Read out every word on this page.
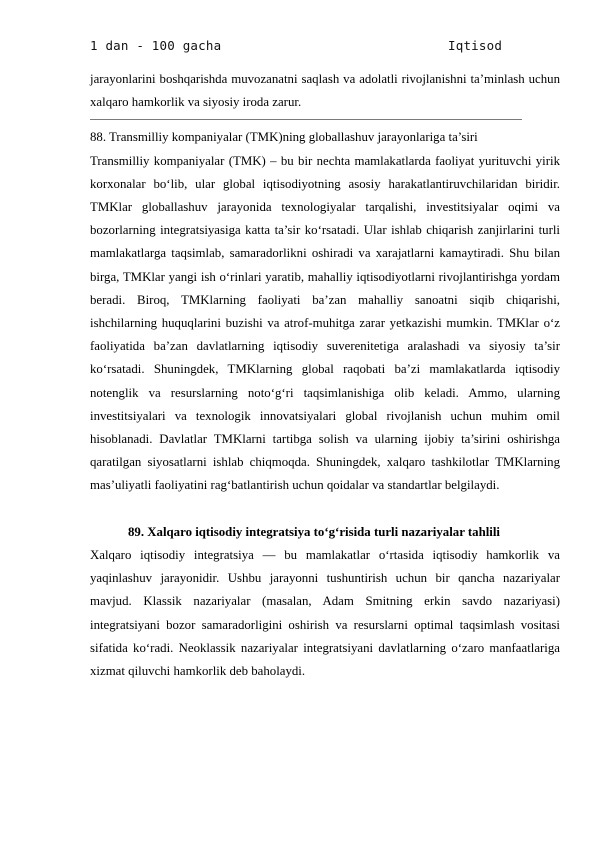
1 dan - 100 gacha	Iqtisod

jarayonlarini boshqarishda muvozanatni saqlash va adolatli rivojlanishni ta’minlash uchun xalqaro hamkorlik va siyosiy iroda zarur.

88. Transmilliy kompaniyalar (TMK)ning globallashuv jarayonlariga ta’siri

Transmilliy kompaniyalar (TMK) – bu bir nechta mamlakatlarda faoliyat yurituvchi yirik korxonalar bo‘lib, ular global iqtisodiyotning asosiy harakatlantiruvchilaridan biridir. TMKlar globallashuv jarayonida texnologiyalar tarqalishi, investitsiyalar oqimi va bozorlarning integratsiyasiga katta ta’sir ko‘rsatadi. Ular ishlab chiqarish zanjirlarini turli mamlakatlarga taqsimlab, samaradorlikni oshiradi va xarajatlarni kamaytiradi. Shu bilan birga, TMKlar yangi ish o‘rinlari yaratib, mahalliy iqtisodiyotlarni rivojlantirishga yordam beradi. Biroq, TMKlarning faoliyati ba’zan mahalliy sanoatni siqib chiqarishi, ishchilarning huquqlarini buzishi va atrof-muhitga zarar yetkazishi mumkin. TMKlar o‘z faoliyatida ba’zan davlatlarning iqtisodiy suverenitetiga aralashadi va siyosiy ta’sir ko‘rsatadi. Shuningdek, TMKlarning global raqobati ba’zi mamlakatlarda iqtisodiy notenglik va resurslarning noto‘g‘ri taqsimlanishiga olib keladi. Ammo, ularning investitsiyalari va texnologik innovatsiyalari global rivojlanish uchun muhim omil hisoblanadi. Davlatlar TMKlarni tartibga solish va ularning ijobiy ta’sirini oshirishga qaratilgan siyosatlarni ishlab chiqmoqda. Shuningdek, xalqaro tashkilotlar TMKlarning mas’uliyatli faoliyatini rag‘batlantirish uchun qoidalar va standartlar belgilaydi.

89. Xalqaro iqtisodiy integratsiya to‘g‘risida turli nazariyalar tahlili

Xalqaro iqtisodiy integratsiya — bu mamlakatlar o‘rtasida iqtisodiy hamkorlik va yaqinlashuv jarayonidir. Ushbu jarayonni tushuntirish uchun bir qancha nazariyalar mavjud. Klassik nazariyalar (masalan, Adam Smitning erkin savdo nazariyasi) integratsiyani bozor samaradorligini oshirish va resurslarni optimal taqsimlash vositasi sifatida ko‘radi. Neoklassik nazariyalar integratsiyani davlatlarning o‘zaro manfaatlariga xizmat qiluvchi hamkorlik deb baholaydi.
